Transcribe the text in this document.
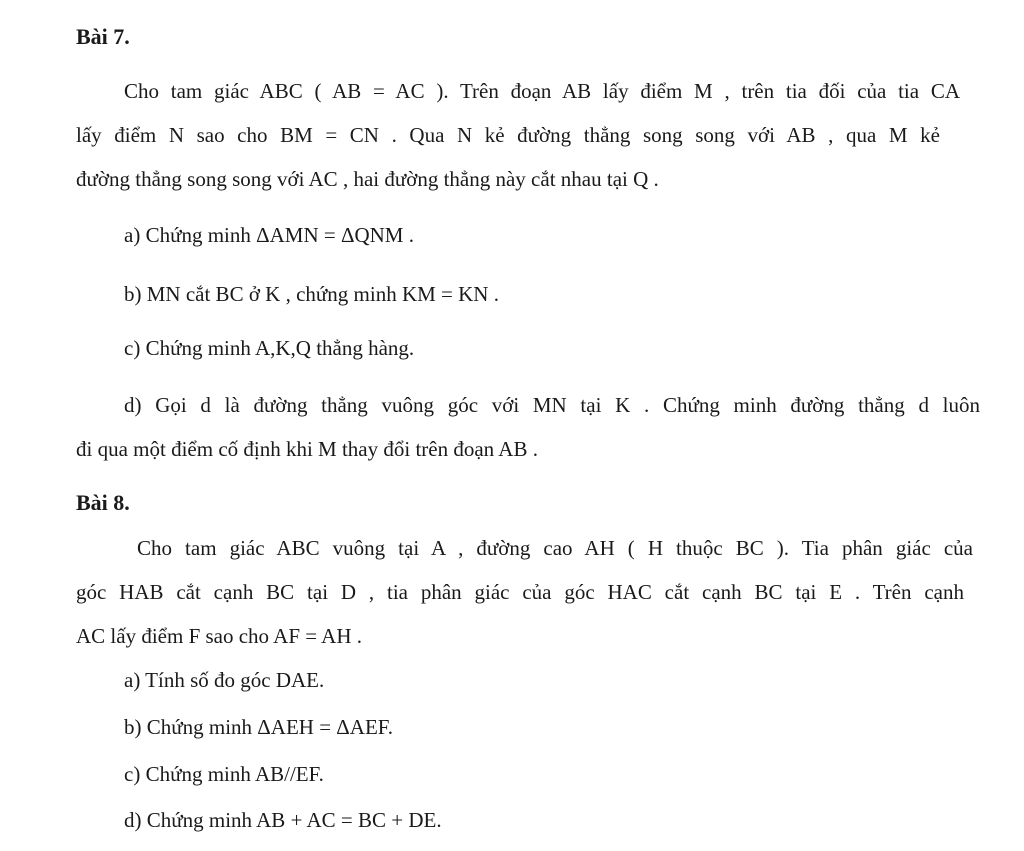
Bài 7.
Cho tam giác ABC ( AB = AC ). Trên đoạn AB lấy điểm M , trên tia đối của tia CA
lấy điểm N sao cho BM = CN . Qua N kẻ đường thẳng song song với AB , qua M kẻ
đường thẳng song song với AC , hai đường thẳng này cắt nhau tại Q .
a) Chứng minh ΔAMN = ΔQNM .
b) MN cắt BC ở K , chứng minh KM = KN .
c) Chứng minh A,K,Q thẳng hàng.
d) Gọi d là đường thẳng vuông góc với MN tại K . Chứng minh đường thẳng d luôn
đi qua một điểm cố định khi M thay đổi trên đoạn AB .
Bài 8.
Cho tam giác ABC vuông tại A , đường cao AH ( H thuộc BC ). Tia phân giác của
góc HAB cắt cạnh BC tại D , tia phân giác của góc HAC cắt cạnh BC tại E . Trên cạnh
AC lấy điểm F sao cho AF = AH .
a) Tính số đo góc DAE.
b) Chứng minh ΔAEH = ΔAEF.
c) Chứng minh AB//EF.
d) Chứng minh AB + AC = BC + DE.
